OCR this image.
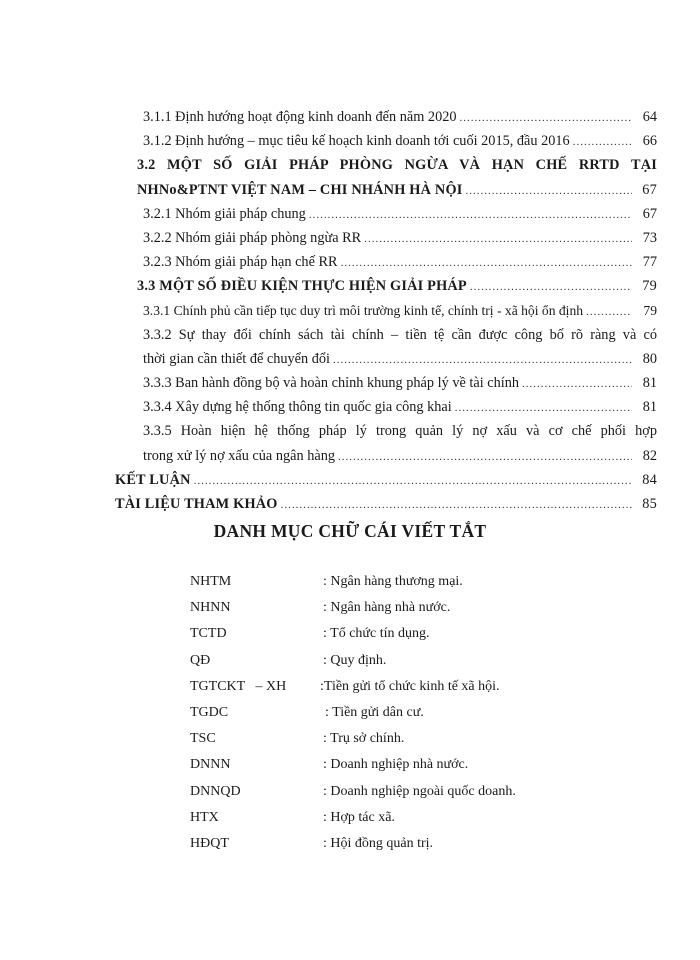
3.1.1 Định hướng hoạt động kinh doanh đến năm 2020 .....	64
3.1.2 Định hướng – mục tiêu kế hoạch kinh doanh tới cuối 2015, đầu 2016 .....	66
3.2 MỘT SỐ GIẢI PHÁP PHÒNG NGỪA VÀ HẠN CHẾ RRTD TẠI
NHNo&PTNT VIỆT NAM – CHI NHÁNH HÀ NỘI .....	67
3.2.1 Nhóm giải pháp chung .....	67
3.2.2 Nhóm giải pháp phòng ngừa RR .....	73
3.2.3 Nhóm giải pháp hạn chế RR .....	77
3.3 MỘT SỐ ĐIỀU KIỆN THỰC HIỆN GIẢI PHÁP .....	79
3.3.1 Chính phủ cần tiếp tục duy trì môi trường kinh tế, chính trị - xã hội ổn định .....	79
3.3.2 Sự thay đổi chính sách tài chính – tiền tệ cần được công bố rõ ràng và có
thời gian cần thiết để chuyển đổi .....	80
3.3.3 Ban hành đồng bộ và hoàn chỉnh khung pháp lý về tài chính .....	81
3.3.4 Xây dựng hệ thống thông tin quốc gia công khai .....	81
3.3.5 Hoàn hiện hệ thống pháp lý trong quản lý nợ xấu và cơ chế phối hợp
trong xử lý nợ xấu của ngân hàng .....	82
KẾT LUẬN .....	84
TÀI LIỆU THAM KHẢO .....	85
DANH MỤC CHỮ CÁI VIẾT TẮT
NHTM	: Ngân hàng thương mại.
NHNN	: Ngân hàng nhà nước.
TCTD	: Tổ chức tín dụng.
QĐ	: Quy định.
TGTCKT   – XH	:Tiền gửi tổ chức kinh tế xã hội.
TGDC	: Tiền gửi dân cư.
TSC	: Trụ sở chính.
DNNN	: Doanh nghiệp nhà nước.
DNNQD	: Doanh nghiệp ngoài quốc doanh.
HTX	: Hợp tác xã.
HĐQT	: Hội đồng quản trị.
